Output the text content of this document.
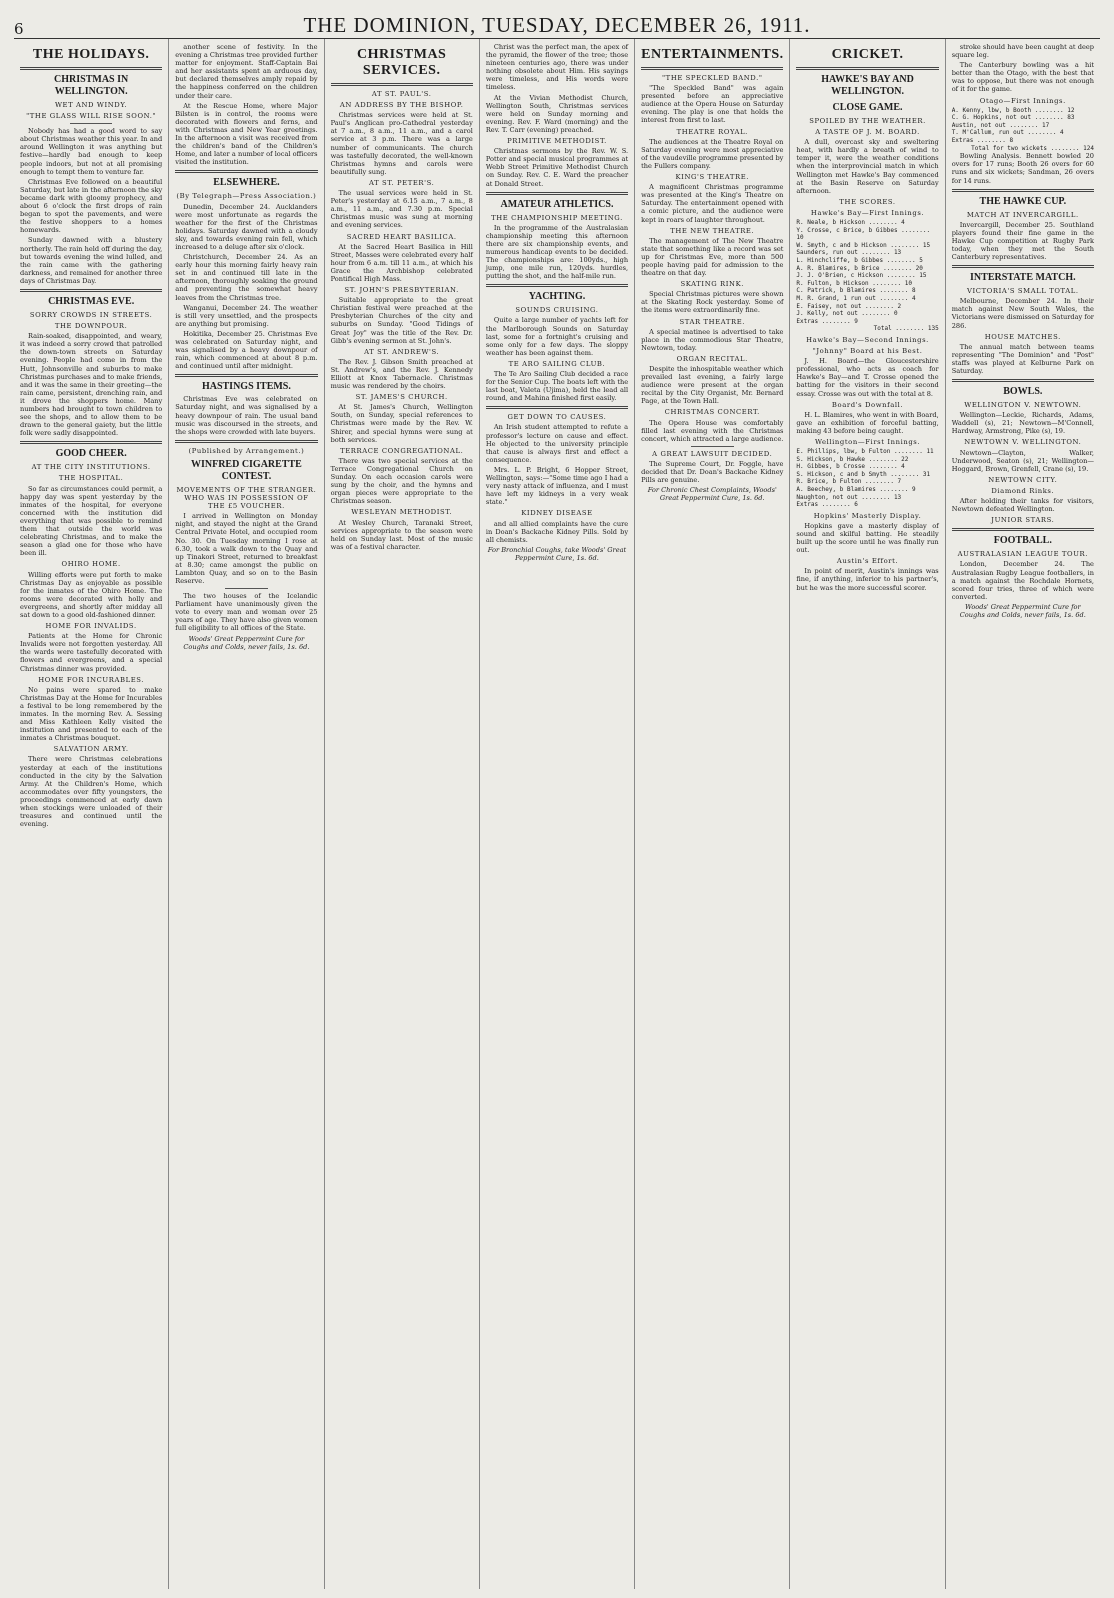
6	THE DOMINION, TUESDAY, DECEMBER 26, 1911.
THE HOLIDAYS.
CHRISTMAS IN WELLINGTON.
WET AND WINDY.
"THE GLASS WILL RISE SOON."

Nobody has had a good word to say about Christmas weather this year. In and around Wellington it was anything but festive—hardly bad enough to keep people indoors, but not at all promising enough to tempt them to venture far.

Christmas Eve followed on a beautiful Saturday, but late in the afternoon the sky became dark with gloomy prophecy, and about 6 o'clock the first drops of rain began to spot the pavements, and were the festive shoppers to a homes homewards.

Sunday dawned with a blustery northerly. The rain held off during the day, but towards evening the wind lulled, and the rain came with the gathering darkness, and remained for another three days of Christmas Day.

CHRISTMAS EVE.
SORRY CROWDS IN STREETS.
THE DOWNPOUR.

Rain-soaked, disappointed, and weary, it was indeed a sorry crowd that patrolled the down-town streets on Saturday evening. People had come in from the Hutt, Johnsonville and suburbs to make Christmas purchases and to make friends, and it was the same in their greeting—the rain came, persistent, drenching rain, and it drove the shoppers home. Many numbers had brought to town children to see the shops, and to allow them to be drawn to the general gaiety, but the little folk were sadly disappointed.

GOOD CHEER.
AT THE CITY INSTITUTIONS.
THE HOSPITAL.

So far as circumstances could permit, a happy day was spent yesterday by the inmates of the hospital, for everyone concerned with the institution did everything that was possible to remind them that outside the world was celebrating Christmas, and to make the season a glad one for those who have been ill.

OHIRO HOME.

Willing efforts were put forth to make Christmas Day as enjoyable as possible for the inmates of the Ohiro Home. The rooms were decorated with holly and evergreens, and shortly after midday all sat down to a good old-fashioned dinner.

HOME FOR INVALIDS.

Patients at the Home for Chronic Invalids were not forgotten yesterday. All the wards were tastefully decorated with flowers and evergreens, and a special Christmas dinner was provided.

HOME FOR INCURABLES.

No pains were spared to make Christmas Day at the Home for Incurables a festival to be long remembered by the inmates. In the morning Rev. A. Sessing and Miss Kathleen Kelly visited the institution and presented to each of the inmates a Christmas bouquet.

SALVATION ARMY.

There were Christmas celebrations yesterday at each of the institutions conducted in the city by the Salvation Army. At the Children's Home, which accommodates over fifty youngsters, the proceedings commenced at early dawn when stockings were unloaded of their treasures and continued until the evening.

another scene of festivity. In the evening a Christmas tree provided further matter for enjoyment. Staff-Captain Bai and her assistants spent an arduous day, but declared themselves amply repaid by the happiness conferred on the children under their care.

At the Rescue Home, where Major Bilsten is in control, the rooms were decorated with flowers and ferns, and with Christmas and New Year greetings. In the afternoon a visit was received from the children's band of the Children's Home, and later a number of local officers visited the institution.

ELSEWHERE.
(By Telegraph—Press Association.)

Dunedin, December 24. Aucklanders were most unfortunate as regards the weather for the first of the Christmas holidays. Saturday dawned with a cloudy sky, and towards evening rain fell, which increased to a deluge after six o'clock.

Christchurch, December 24. As an early hour this morning fairly heavy rain set in and continued till late in the afternoon, thoroughly soaking the ground and preventing the somewhat heavy leaves from the Christmas tree.

Wanganui, December 24. The weather is still very unsettled, and the prospects are anything but promising.

Hokitika, December 25. Christmas Eve was celebrated on Saturday night, and was signalised by a heavy downpour of rain, which commenced at about 8 p.m. and continued until after midnight.

HASTINGS ITEMS.

Christmas Eve was celebrated on Saturday night, and was signalised by a heavy downpour of rain. The usual band music was discoursed in the streets, and the shops were crowded with late buyers.

(Published by Arrangement.)
WINFRED CIGARETTE CONTEST.
MOVEMENTS OF THE STRANGER. WHO WAS IN POSSESSION OF THE £5 VOUCHER.

I arrived in Wellington on Monday night, and stayed the night at the Grand Central Private Hotel, and occupied room No. 30. On Tuesday morning I rose at 6.30, took a walk down to the Quay and up Tinakori Street, returned to breakfast at 8.30; came amongst the public on Lambton Quay, and so on to the Basin Reserve.

The two houses of the Icelandic Parliament have unanimously given the vote to every man and woman over 25 years of age. They have also given women full eligibility to all offices of the State.

Woods' Great Peppermint Cure for Coughs and Colds, never fails, 1s. 6d.
CHRISTMAS SERVICES.
AT ST. PAUL'S.
AN ADDRESS BY THE BISHOP.

Christmas services were held at St. Paul's Anglican pro-Cathedral yesterday at 7 a.m., 8 a.m., 11 a.m., and a carol service at 3 p.m. There was a large number of communicants. The church was tastefully decorated, the well-known Christmas hymns and carols were beautifully sung.

AT ST. PETER'S.

The usual services were held in St. Peter's yesterday at 6.15 a.m., 7 a.m., 8 a.m., 11 a.m., and 7.30 p.m. Special Christmas music was sung at morning and evening services.

SACRED HEART BASILICA.

At the Sacred Heart Basilica in Hill Street, Masses were celebrated every half hour from 6 a.m. till 11 a.m., at which his Grace the Archbishop celebrated Pontifical High Mass.

ST. JOHN'S PRESBYTERIAN.

Suitable appropriate to the great Christian festival were preached at the Presbyterian Churches of the city and suburbs on Sunday. "Good Tidings of Great Joy" was the title of the Rev. Dr. Gibb's evening sermon at St. John's.

AT ST. ANDREW'S.

The Rev. J. Gibson Smith preached at St. Andrew's, and the Rev. J. Kennedy Elliott at Knox Tabernacle. Christmas music was rendered by the choirs.

ST. JAMES'S CHURCH.

At St. James's Church, Wellington South, on Sunday, special references to Christmas were made by the Rev. W. Shirer, and special hymns were sung at both services.

TERRACE CONGREGATIONAL.

There was two special services at the Terrace Congregational Church on Sunday. On each occasion carols were sung by the choir, and the hymns and organ pieces were appropriate to the Christmas season.

WESLEYAN METHODIST.

At Wesley Church, Taranaki Street, services appropriate to the season were held on Sunday last. Most of the music was of a festival character.

Christ was the perfect man, the apex of the pyramid, the flower of the tree; those nineteen centuries ago, there was under nothing obsolete about Him. His sayings were timeless, and His words were timeless.

At the Vivian Methodist Church, Wellington South, Christmas services were held on Sunday morning and evening. Rev. F. Ward (morning) and the Rev. T. Carr (evening) preached.

PRIMITIVE METHODIST.

Christmas sermons by the Rev. W. S. Potter and special musical programmes at Webb Street Primitive Methodist Church on Sunday. Rev. C. E. Ward the preacher at Donald Street.

AMATEUR ATHLETICS.
THE CHAMPIONSHIP MEETING.

In the programme of the Australasian championship meeting this afternoon there are six championship events, and numerous handicap events to be decided. The championships are: 100yds., high jump, one mile run, 120yds. hurdles, putting the shot, and the half-mile run.

YACHTING.
SOUNDS CRUISING.

Quite a large number of yachts left for the Marlborough Sounds on Saturday last, some for a fortnight's cruising and some only for a few days. The sloppy weather has been against them.

TE ARO SAILING CLUB.

The Te Aro Sailing Club decided a race for the Senior Cup. The boats left with the last boat, Valeta (Ujima), held the lead all round, and Mahina finished first easily.

GET DOWN TO CAUSES.

An Irish student attempted to refute a professor's lecture on cause and effect. He objected to the university principle that cause is always first and effect a consequence.

Mrs. L. P. Bright, 6 Hopper Street, Wellington, says:—"Some time ago I had a very nasty attack of influenza, and I must have left my kidneys in a very weak state."

KIDNEY DISEASE

and all allied complaints have the cure in Doan's Backache Kidney Pills. Sold by all chemists.

For Bronchial Coughs, take Woods' Great Peppermint Cure, 1s. 6d.
ENTERTAINMENTS.
"THE SPECKLED BAND."

"The Speckled Band" was again presented before an appreciative audience at the Opera House on Saturday evening. The play is one that holds the interest from first to last.

THEATRE ROYAL.

The audiences at the Theatre Royal on Saturday evening were most appreciative of the vaudeville programme presented by the Fullers company.

KING'S THEATRE.

A magnificent Christmas programme was presented at the King's Theatre on Saturday. The entertainment opened with a comic picture, and the audience were kept in roars of laughter throughout.

THE NEW THEATRE.

The management of The New Theatre state that something like a record was set up for Christmas Eve, more than 500 people having paid for admission to the theatre on that day.

SKATING RINK.

Special Christmas pictures were shown at the Skating Rock yesterday. Some of the items were extraordinarily fine.

STAR THEATRE.

A special matinee is advertised to take place in the commodious Star Theatre, Newtown, today.

ORGAN RECITAL.

Despite the inhospitable weather which prevailed last evening, a fairly large audience were present at the organ recital by the City Organist, Mr. Bernard Page, at the Town Hall.

CHRISTMAS CONCERT.

The Opera House was comfortably filled last evening with the Christmas concert, which attracted a large audience.

A GREAT LAWSUIT DECIDED.

The Supreme Court, Dr. Foggle, have decided that Dr. Doan's Backache Kidney Pills are genuine.

For Chronic Chest Complaints, Woods' Great Peppermint Cure, 1s. 6d.
CRICKET.
HAWKE'S BAY AND WELLINGTON.
CLOSE GAME.
SPOILED BY THE WEATHER.
A TASTE OF J. M. BOARD.

A dull, overcast sky and sweltering heat, with hardly a breath of wind to temper it, were the weather conditions when the interprovincial match in which Wellington met Hawke's Bay commenced at the Basin Reserve on Saturday afternoon.

THE SCORES.
Hawke's Bay—First Innings.
R. Neale, b Hickson ........ 4
Y. Crosse, c Brice, b Gibbes ........ 10
W. Smyth, c and b Hickson ........ 15
Saunders, run out ........ 13
L. Hinchcliffe, b Gibbes ........ 5
A. R. Blamires, b Brice ........ 20
J. J. O'Brien, c Hickson ........ 15
R. Fulton, b Hickson ........ 10
C. Patrick, b Blamires ........ 8
M. R. Grand, 1 run out ........ 4
E. Faisey, not out ........ 2
J. Kelly, not out ........ 0
Extras ........ 9
Total ........ 135
Hawke's Bay—Second Innings.
"Johnny" Board at his Best.

J. H. Board—the Gloucestershire professional, who acts as coach for Hawke's Bay—and T. Crosse opened the batting for the visitors in their second essay. Crosse was out with the total at 8.

Board's Downfall.

H. L. Blamires, who went in with Board, gave an exhibition of forceful batting, making 43 before being caught.

Wellington—First Innings.
E. Phillips, lbw, b Fulton ........ 11
S. Hickson, b Hawke ........ 22
H. Gibbes, b Crosse ........ 4
S. Hickson, c and b Smyth ........ 31
R. Brice, b Fulton ........ 7
A. Beechey, b Blamires ........ 9
Naughton, not out ........ 13
Extras ........ 6
Hopkins' Masterly Display.

Hopkins gave a masterly display of sound and skilful batting. He steadily built up the score until he was finally run out.

Austin's Effort.

In point of merit, Austin's innings was fine, if anything, inferior to his partner's, but he was the more successful scorer.

stroke should have been caught at deep square leg.

The Canterbury bowling was a hit better than the Otago, with the best that was to oppose, but there was not enough of it for the game.

Otago—First Innings.
A. Kenny, lbw, b Booth ........ 12
C. G. Hopkins, not out ........ 83
Austin, not out ........ 17
T. M'Callum, run out ........ 4
Extras ........ 8
Total for two wickets ........ 124

Bowling Analysis. Bennett bowled 20 overs for 17 runs; Booth 26 overs for 60 runs and six wickets; Sandman, 26 overs for 14 runs.

THE HAWKE CUP.
MATCH AT INVERCARGILL.

Invercargill, December 25. Southland players found their fine game in the Hawke Cup competition at Rugby Park today, when they met the South Canterbury representatives.

INTERSTATE MATCH.
VICTORIA'S SMALL TOTAL.

Melbourne, December 24. In their match against New South Wales, the Victorians were dismissed on Saturday for 286.

HOUSE MATCHES.

The annual match between teams representing "The Dominion" and "Post" staffs was played at Kelburne Park on Saturday.

BOWLS.
WELLINGTON V. NEWTOWN.

Wellington—Leckie, Richards, Adams, Waddell (s), 21; Newtown—M'Connell, Hardway, Armstrong, Pike (s), 19.

NEWTOWN V. WELLINGTON.

Newtown—Clayton, Walker, Underwood, Seaton (s), 21; Wellington—Hoggard, Brown, Grenfell, Crane (s), 19.

NEWTOWN CITY.
Diamond Rinks.

After holding their tanks for visitors, Newtown defeated Wellington.

JUNIOR STARS.
FOOTBALL.
AUSTRALASIAN LEAGUE TOUR.

London, December 24. The Australasian Rugby League footballers, in a match against the Rochdale Hornets, scored four tries, three of which were converted.

Woods' Great Peppermint Cure for Coughs and Colds, never fails, 1s. 6d.
